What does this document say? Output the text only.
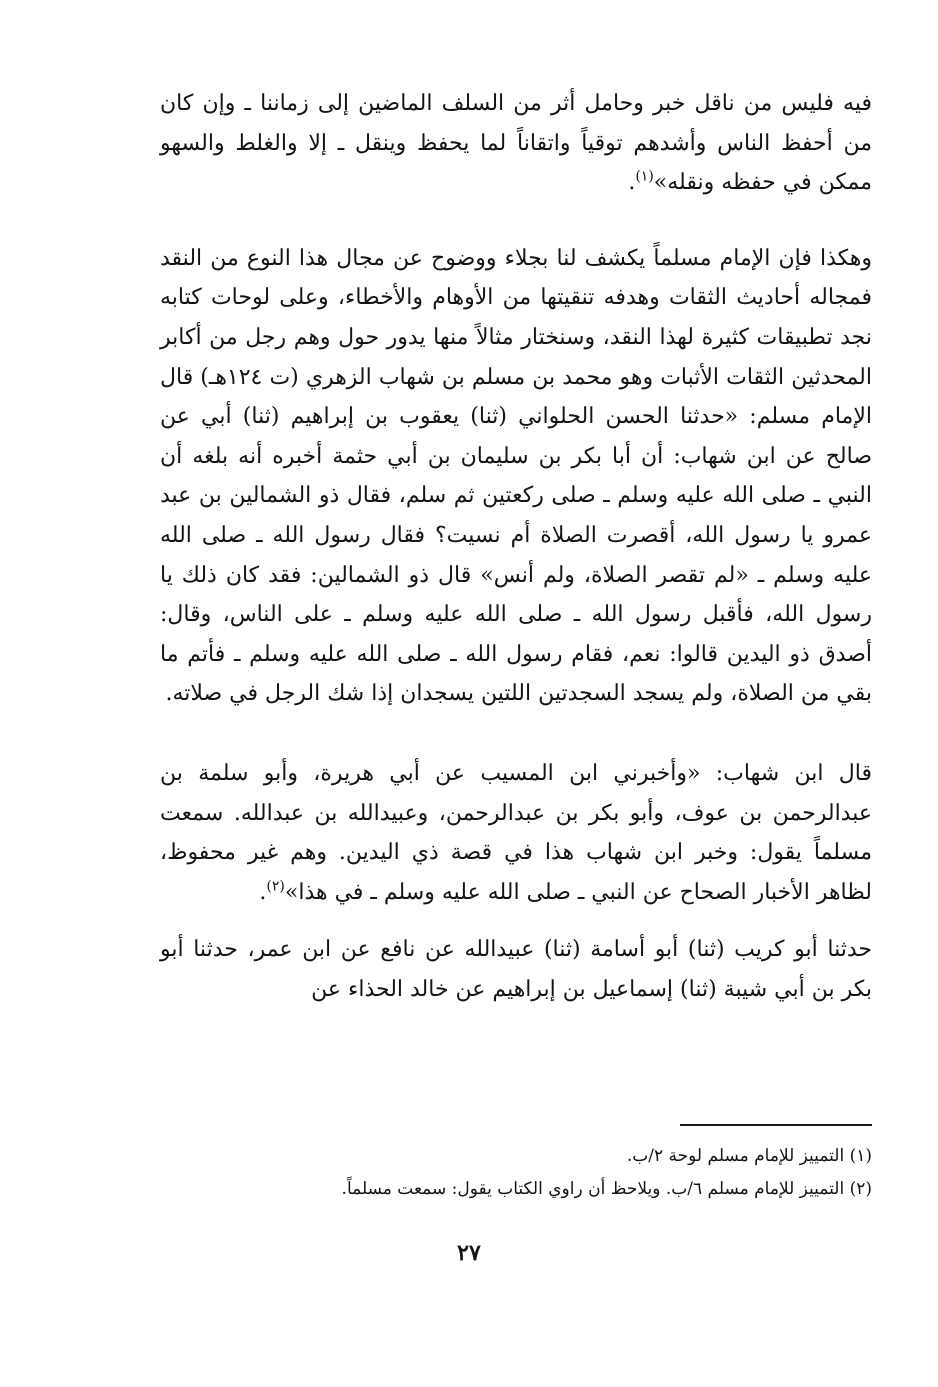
فيه فليس من ناقل خبر وحامل أثر من السلف الماضين إلى زماننا ـ وإن كان من أحفظ الناس وأشدهم توقياً واتقاناً لما يحفظ وينقل ـ إلا والغلط والسهو ممكن في حفظه ونقله»$^{(١)}$.

وهكذا فإن الإمام مسلماً يكشف لنا بجلاء ووضوح عن مجال هذا النوع من النقد فمجاله أحاديث الثقات وهدفه تنقيتها من الأوهام والأخطاء، وعلى لوحات كتابه نجد تطبيقات كثيرة لهذا النقد، وسنختار مثالاً منها يدور حول وهم رجل من أكابر المحدثين الثقات الأثبات وهو محمد بن مسلم بن شهاب الزهري (ت ١٢٤هـ) قال الإمام مسلم: «حدثنا الحسن الحلواني (ثنا) يعقوب بن إبراهيم (ثنا) أبي عن صالح عن ابن شهاب: أن أبا بكر بن سليمان بن أبي حثمة أخبره أنه بلغه أن النبي ـ صلى الله عليه وسلم ـ صلى ركعتين ثم سلم، فقال ذو الشمالين بن عبد عمرو يا رسول الله، أقصرت الصلاة أم نسيت؟ فقال رسول الله ـ صلى الله عليه وسلم ـ «لم تقصر الصلاة، ولم أنس» قال ذو الشمالين: فقد كان ذلك يا رسول الله، فأقبل رسول الله ـ صلى الله عليه وسلم ـ على الناس، وقال: أصدق ذو اليدين قالوا: نعم، فقام رسول الله ـ صلى الله عليه وسلم ـ فأتم ما بقي من الصلاة، ولم يسجد السجدتين اللتين يسجدان إذا شك الرجل في صلاته.

قال ابن شهاب: «وأخبرني ابن المسيب عن أبي هريرة، وأبو سلمة بن عبدالرحمن بن عوف، وأبو بكر بن عبدالرحمن، وعبيدالله بن عبدالله. سمعت مسلماً يقول: وخبر ابن شهاب هذا في قصة ذي اليدين. وهم غير محفوظ، لظاهر الأخبار الصحاح عن النبي ـ صلى الله عليه وسلم ـ في هذا»$^{(٢)}$.

حدثنا أبو كريب (ثنا) أبو أسامة (ثنا) عبيدالله عن نافع عن ابن عمر، حدثنا أبو بكر بن أبي شيبة (ثنا) إسماعيل بن إبراهيم عن خالد الحذاء عن

(١) التمييز للإمام مسلم لوحة ٢/ب.

(٢) التمييز للإمام مسلم ٦/ب. ويلاحظ أن راوي الكتاب يقول: سمعت مسلماً.

٢٧
